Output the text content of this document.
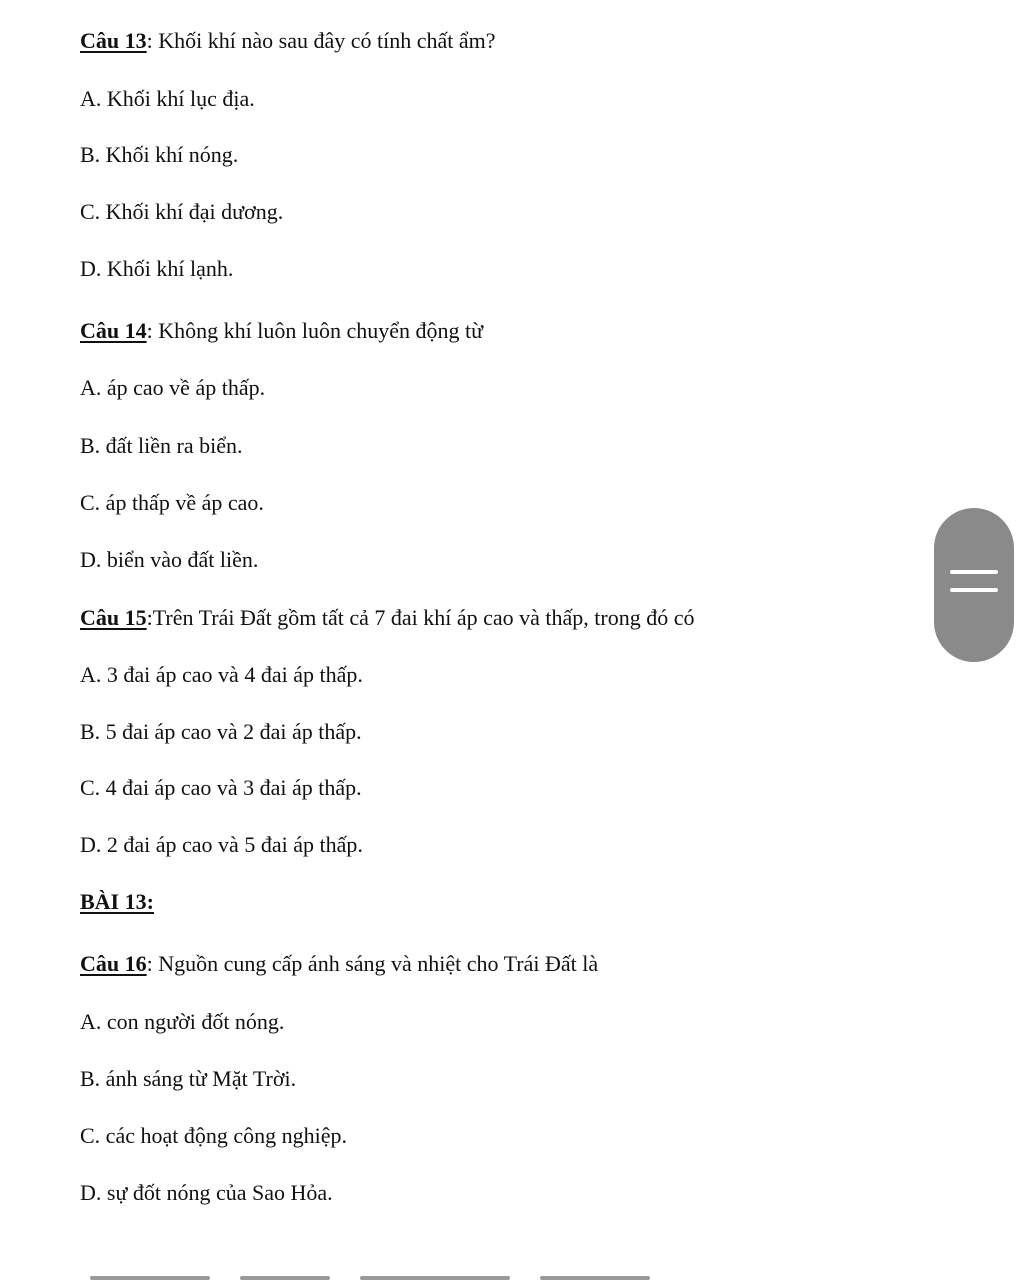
Câu 13: Khối khí nào sau đây có tính chất ẩm?
A. Khối khí lục địa.
B. Khối khí nóng.
C. Khối khí đại dương.
D. Khối khí lạnh.
Câu 14: Không khí luôn luôn chuyển động từ
A. áp cao về áp thấp.
B. đất liền ra biển.
C. áp thấp về áp cao.
D. biển vào đất liền.
Câu 15:Trên Trái Đất gồm tất cả 7 đai khí áp cao và thấp, trong đó có
A. 3 đai áp cao và 4 đai áp thấp.
B. 5 đai áp cao và 2 đai áp thấp.
C. 4 đai áp cao và 3 đai áp thấp.
D. 2 đai áp cao và 5 đai áp thấp.
BÀI 13:
Câu 16: Nguồn cung cấp ánh sáng và nhiệt cho Trái Đất là
A. con người đốt nóng.
B. ánh sáng từ Mặt Trời.
C. các hoạt động công nghiệp.
D. sự đốt nóng của Sao Hỏa.
